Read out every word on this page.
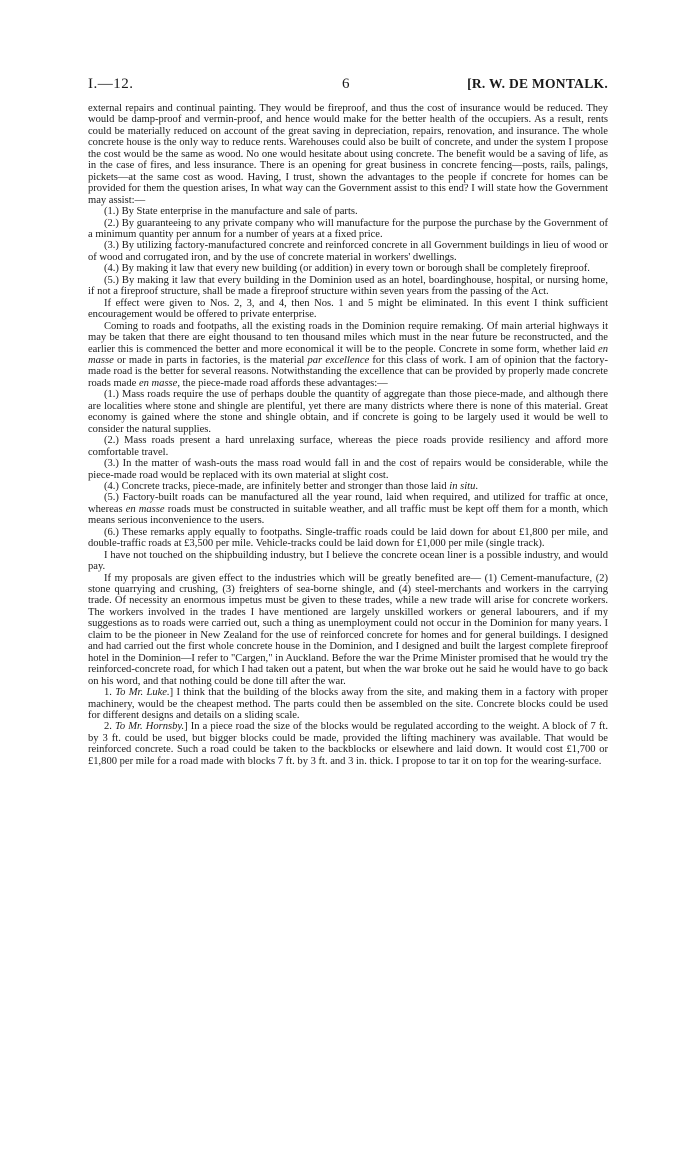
I.—12.	6	[R. W. DE MONTALK.

external repairs and continual painting. They would be fireproof, and thus the cost of insurance would be reduced. They would be damp-proof and vermin-proof, and hence would make for the better health of the occupiers. As a result, rents could be materially reduced on account of the great saving in depreciation, repairs, renovation, and insurance. The whole concrete house is the only way to reduce rents. Warehouses could also be built of concrete, and under the system I propose the cost would be the same as wood. No one would hesitate about using concrete. The benefit would be a saving of life, as in the case of fires, and less insurance. There is an opening for great business in concrete fencing—posts, rails, palings, pickets—at the same cost as wood. Having, I trust, shown the advantages to the people if concrete for homes can be provided for them the question arises, In what way can the Government assist to this end? I will state how the Government may assist:—

(1.) By State enterprise in the manufacture and sale of parts.

(2.) By guaranteeing to any private company who will manufacture for the purpose the purchase by the Government of a minimum quantity per annum for a number of years at a fixed price.

(3.) By utilizing factory-manufactured concrete and reinforced concrete in all Government buildings in lieu of wood or of wood and corrugated iron, and by the use of concrete material in workers' dwellings.

(4.) By making it law that every new building (or addition) in every town or borough shall be completely fireproof.

(5.) By making it law that every building in the Dominion used as an hotel, boardinghouse, hospital, or nursing home, if not a fireproof structure, shall be made a fireproof structure within seven years from the passing of the Act.

If effect were given to Nos. 2, 3, and 4, then Nos. 1 and 5 might be eliminated. In this event I think sufficient encouragement would be offered to private enterprise.

Coming to roads and footpaths, all the existing roads in the Dominion require remaking. Of main arterial highways it may be taken that there are eight thousand to ten thousand miles which must in the near future be reconstructed, and the earlier this is commenced the better and more economical it will be to the people. Concrete in some form, whether laid en masse or made in parts in factories, is the material par excellence for this class of work. I am of opinion that the factory-made road is the better for several reasons. Notwithstanding the excellence that can be provided by properly made concrete roads made en masse, the piece-made road affords these advantages:—

(1.) Mass roads require the use of perhaps double the quantity of aggregate than those piece-made, and although there are localities where stone and shingle are plentiful, yet there are many districts where there is none of this material. Great economy is gained where the stone and shingle obtain, and if concrete is going to be largely used it would be well to consider the natural supplies.

(2.) Mass roads present a hard unrelaxing surface, whereas the piece roads provide resiliency and afford more comfortable travel.

(3.) In the matter of wash-outs the mass road would fall in and the cost of repairs would be considerable, while the piece-made road would be replaced with its own material at slight cost.

(4.) Concrete tracks, piece-made, are infinitely better and stronger than those laid in situ.

(5.) Factory-built roads can be manufactured all the year round, laid when required, and utilized for traffic at once, whereas en masse roads must be constructed in suitable weather, and all traffic must be kept off them for a month, which means serious inconvenience to the users.

(6.) These remarks apply equally to footpaths. Single-traffic roads could be laid down for about £1,800 per mile, and double-traffic roads at £3,500 per mile. Vehicle-tracks could be laid down for £1,000 per mile (single track).

I have not touched on the shipbuilding industry, but I believe the concrete ocean liner is a possible industry, and would pay.

If my proposals are given effect to the industries which will be greatly benefited are— (1) Cement-manufacture, (2) stone quarrying and crushing, (3) freighters of sea-borne shingle, and (4) steel-merchants and workers in the carrying trade. Of necessity an enormous impetus must be given to these trades, while a new trade will arise for concrete workers. The workers involved in the trades I have mentioned are largely unskilled workers or general labourers, and if my suggestions as to roads were carried out, such a thing as unemployment could not occur in the Dominion for many years. I claim to be the pioneer in New Zealand for the use of reinforced concrete for homes and for general buildings. I designed and had carried out the first whole concrete house in the Dominion, and I designed and built the largest complete fireproof hotel in the Dominion—I refer to "Cargen," in Auckland. Before the war the Prime Minister promised that he would try the reinforced-concrete road, for which I had taken out a patent, but when the war broke out he said he would have to go back on his word, and that nothing could be done till after the war.

1. To Mr. Luke.] I think that the building of the blocks away from the site, and making them in a factory with proper machinery, would be the cheapest method. The parts could then be assembled on the site. Concrete blocks could be used for different designs and details on a sliding scale.

2. To Mr. Hornsby.] In a piece road the size of the blocks would be regulated according to the weight. A block of 7 ft. by 3 ft. could be used, but bigger blocks could be made, provided the lifting machinery was available. That would be reinforced concrete. Such a road could be taken to the backblocks or elsewhere and laid down. It would cost £1,700 or £1,800 per mile for a road made with blocks 7 ft. by 3 ft. and 3 in. thick. I propose to tar it on top for the wearing-surface.
